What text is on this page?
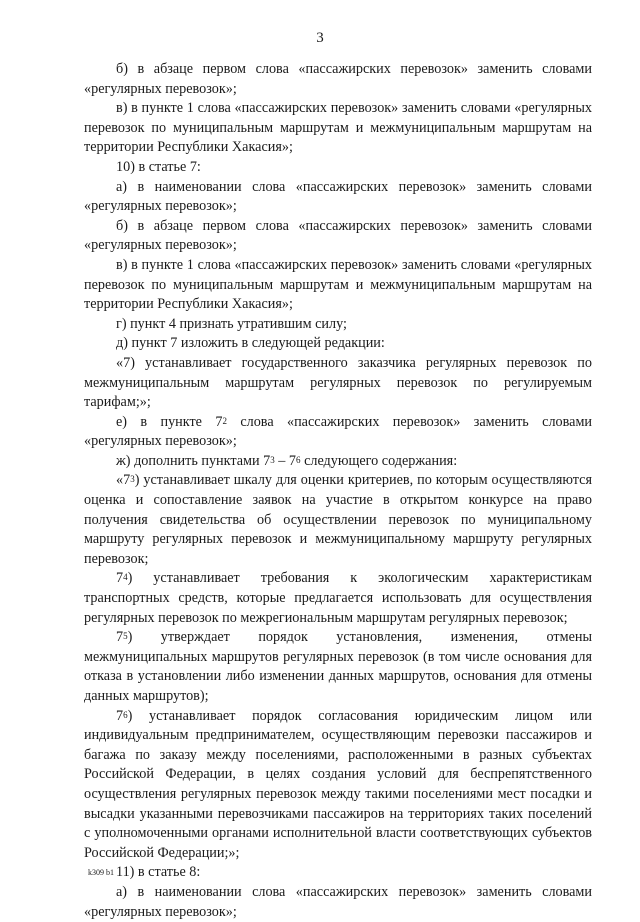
3

б) в абзаце первом слова «пассажирских перевозок» заменить словами «регулярных перевозок»;

в) в пункте 1 слова «пассажирских перевозок» заменить словами «регулярных перевозок по муниципальным маршрутам и межмуниципальным маршрутам на территории Республики Хакасия»;

10) в статье 7:

а) в наименовании слова «пассажирских перевозок» заменить словами «регулярных перевозок»;

б) в абзаце первом слова «пассажирских перевозок» заменить словами «регулярных перевозок»;

в) в пункте 1 слова «пассажирских перевозок» заменить словами «регулярных перевозок по муниципальным маршрутам и межмуниципальным маршрутам на территории Республики Хакасия»;

г) пункт 4 признать утратившим силу;

д) пункт 7 изложить в следующей редакции:

«7) устанавливает государственного заказчика регулярных перевозок по межмуниципальным маршрутам регулярных перевозок по регулируемым тарифам;»;

е) в пункте $7^2$ слова «пассажирских перевозок» заменить словами «регулярных перевозок»;

ж) дополнить пунктами $7^3 - 7^6$ следующего содержания:

«$7^3$) устанавливает шкалу для оценки критериев, по которым осуществляются оценка и сопоставление заявок на участие в открытом конкурсе на право получения свидетельства об осуществлении перевозок по муниципальному маршруту регулярных перевозок и межмуниципальному маршруту регулярных перевозок;

$7^4$) устанавливает требования к экологическим характеристикам транспортных средств, которые предлагается использовать для осуществления регулярных перевозок по межрегиональным маршрутам регулярных перевозок;

$7^5$) утверждает порядок установления, изменения, отмены межмуниципальных маршрутов регулярных перевозок (в том числе основания для отказа в установлении либо изменении данных маршрутов, основания для отмены данных маршрутов);

$7^6$) устанавливает порядок согласования юридическим лицом или индивидуальным предпринимателем, осуществляющим перевозки пассажиров и багажа по заказу между поселениями, расположенными в разных субъектах Российской Федерации, в целях создания условий для беспрепятственного осуществления регулярных перевозок между такими поселениями мест посадки и высадки указанными перевозчиками пассажиров на территориях таких поселений с уполномоченными органами исполнительной власти соответствующих субъектов Российской Федерации;»;

11) в статье 8:

а) в наименовании слова «пассажирских перевозок» заменить словами «регулярных перевозок»;

k309 b1
